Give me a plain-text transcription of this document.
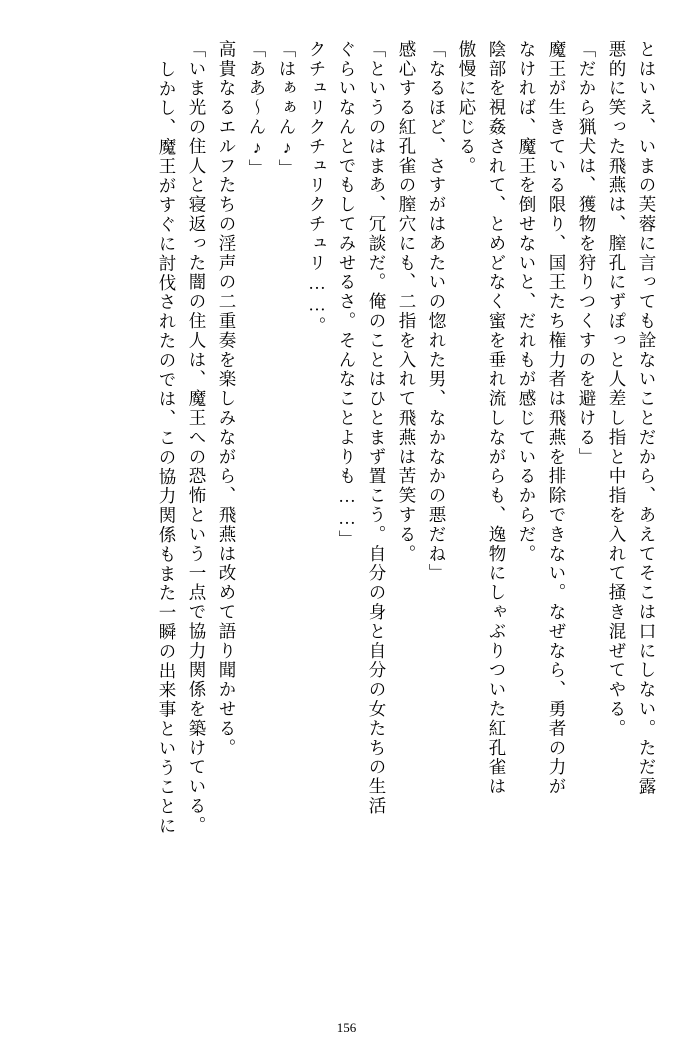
とはいえ、いまの芙蓉に言っても詮ないことだから、あえてそこは口にしない。ただ露
悪的に笑った飛燕は、膣孔にずぽっと人差し指と中指を入れて掻き混ぜてやる。
「だから猟犬は、獲物を狩りつくすのを避ける」
魔王が生きている限り、国王たち権力者は飛燕を排除できない。なぜなら、勇者の力が
なければ、魔王を倒せないと、だれもが感じているからだ。
陰部を視姦されて、とめどなく蜜を垂れ流しながらも、逸物にしゃぶりついた紅孔雀は
傲慢に応じる。
「なるほど、さすがはあたいの惚れた男、なかなかの悪だね」
感心する紅孔雀の膣穴にも、二指を入れて飛燕は苦笑する。
「というのはまあ、冗談だ。俺のことはひとまず置こう。自分の身と自分の女たちの生活
ぐらいなんとでもしてみせるさ。そんなことよりも……」
クチュリクチュリクチュリ……。
「はぁぁん♪」
「ああ～ん♪」
高貴なるエルフたちの淫声の二重奏を楽しみながら、飛燕は改めて語り聞かせる。
「いま光の住人と寝返った闇の住人は、魔王への恐怖という一点で協力関係を築けている。
しかし、魔王がすぐに討伐されたのでは、この協力関係もまた一瞬の出来事ということに
156
